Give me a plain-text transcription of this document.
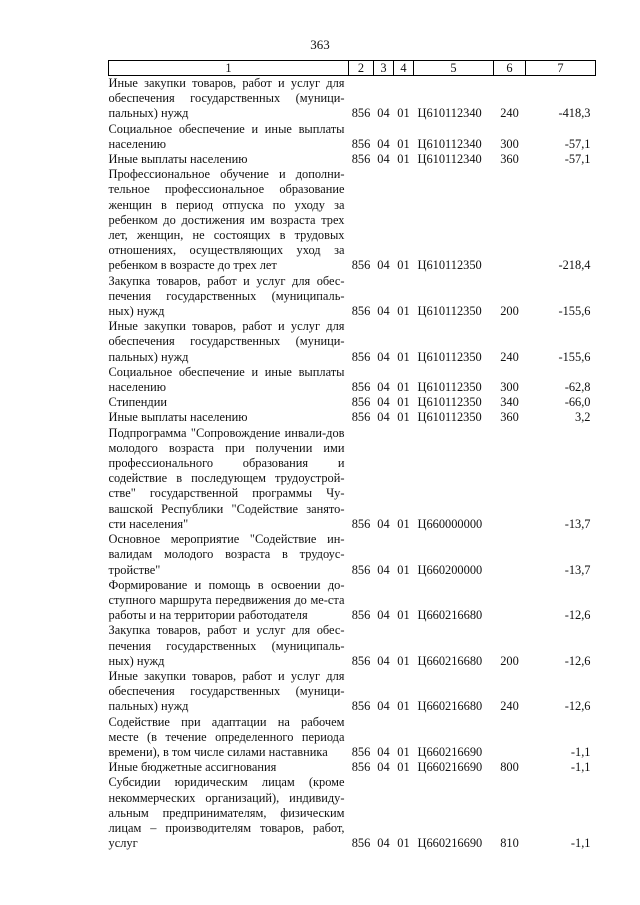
363
1	2	3	4	5	6	7
Иные закупки товаров, работ и услуг для обеспечения государственных (муници-пальных) нужд	856	04	01	Ц610112340	240	-418,3
Социальное обеспечение и иные выплаты населению	856	04	01	Ц610112340	300	-57,1
Иные выплаты населению	856	04	01	Ц610112340	360	-57,1
Профессиональное обучение и дополни-тельное профессиональное образование женщин в период отпуска по уходу за ребенком до достижения им возраста трех лет, женщин, не состоящих в трудовых отношениях, осуществляющих уход за ребенком в возрасте до трех лет	856	04	01	Ц610112350		-218,4
Закупка товаров, работ и услуг для обес-печения государственных (муниципаль-ных) нужд	856	04	01	Ц610112350	200	-155,6
Иные закупки товаров, работ и услуг для обеспечения государственных (муници-пальных) нужд	856	04	01	Ц610112350	240	-155,6
Социальное обеспечение и иные выплаты населению	856	04	01	Ц610112350	300	-62,8
Стипендии	856	04	01	Ц610112350	340	-66,0
Иные выплаты населению	856	04	01	Ц610112350	360	3,2
Подпрограмма "Сопровождение инвали-дов молодого возраста при получении ими профессионального образования и содействие в последующем трудоустрой-стве" государственной программы Чу-вашской Республики "Содействие занято-сти населения"	856	04	01	Ц660000000		-13,7
Основное мероприятие "Содействие ин-валидам молодого возраста в трудоус-тройстве"	856	04	01	Ц660200000		-13,7
Формирование и помощь в освоении до-ступного маршрута передвижения до ме-ста работы и на территории работодателя	856	04	01	Ц660216680		-12,6
Закупка товаров, работ и услуг для обес-печения государственных (муниципаль-ных) нужд	856	04	01	Ц660216680	200	-12,6
Иные закупки товаров, работ и услуг для обеспечения государственных (муници-пальных) нужд	856	04	01	Ц660216680	240	-12,6
Содействие при адаптации на рабочем месте (в течение определенного периода времени), в том числе силами наставника	856	04	01	Ц660216690		-1,1
Иные бюджетные ассигнования	856	04	01	Ц660216690	800	-1,1
Субсидии юридическим лицам (кроме некоммерческих организаций), индивиду-альным предпринимателям, физическим лицам – производителям товаров, работ, услуг	856	04	01	Ц660216690	810	-1,1
